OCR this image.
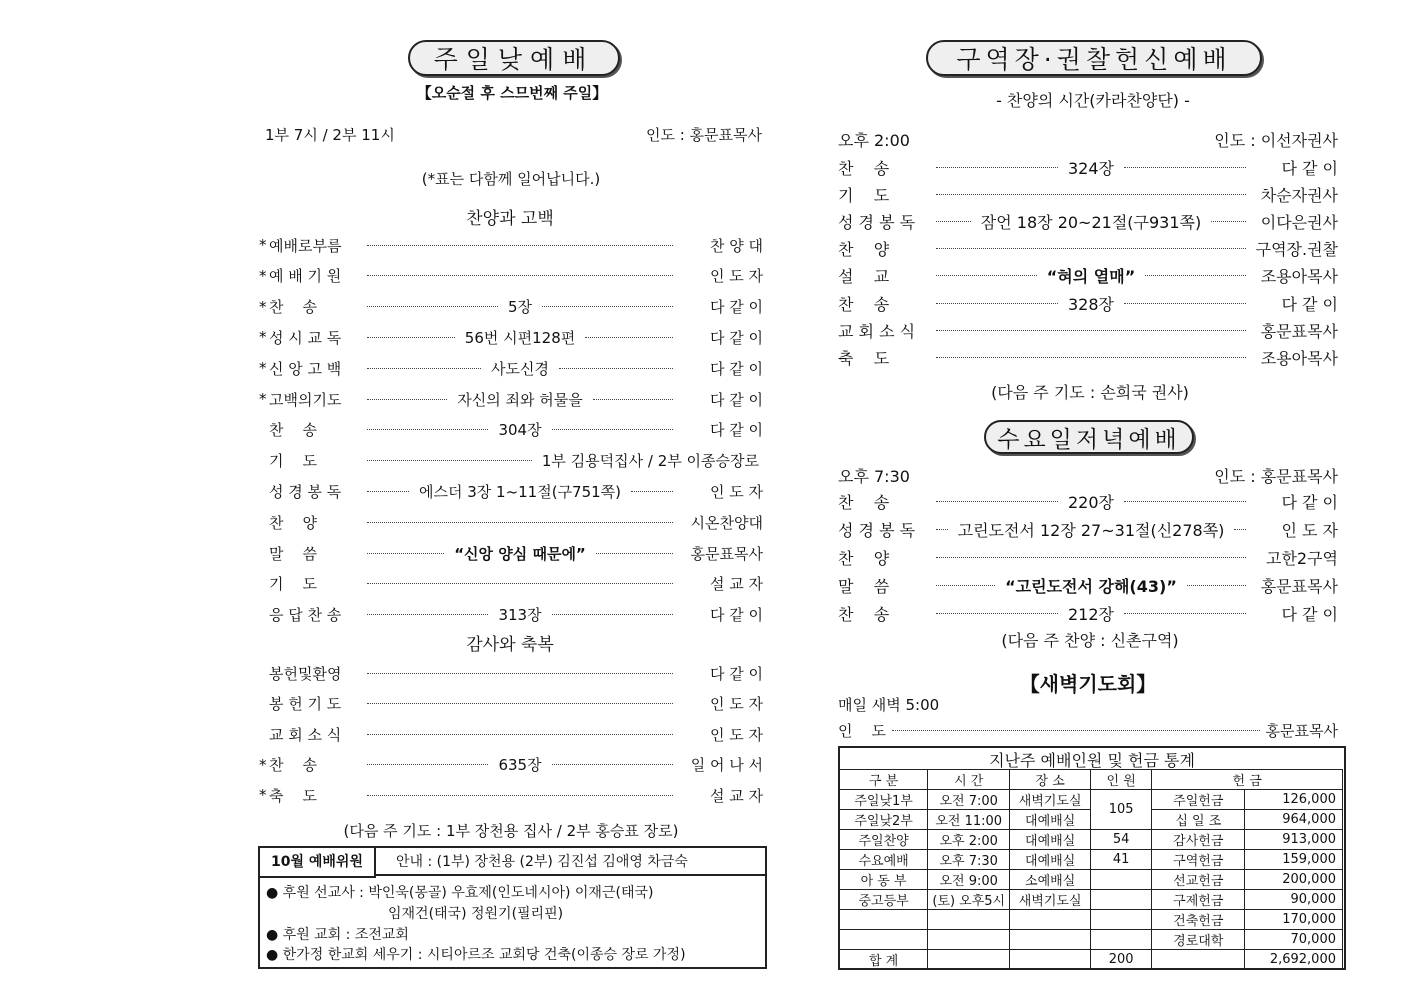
주일낮예배
【오순절 후 스므번째 주일】
1부 7시 / 2부 11시	인도 : 홍문표목사
(*표는 다함께 일어납니다.)
찬양과 고백
* 예배로부름	찬 양 대
* 예 배 기 원	인 도 자
* 찬    송	5장	다 같 이
* 성 시 교 독	56번 시편128편	다 같 이
* 신 앙 고 백	사도신경	다 같 이
* 고백의기도	자신의 죄와 허물을	다 같 이
찬    송	304장	다 같 이
기    도	1부 김용덕집사 / 2부 이종승장로
성 경 봉 독	에스더 3장 1~11절(구751쪽)	인 도 자
찬    양	시온찬양대
말    씀	“신앙 양심 때문에”	홍문표목사
기    도	설 교 자
응 답 찬 송	313장	다 같 이
감사와 축복
봉헌및환영	다 같 이
봉 헌 기 도	인 도 자
교 회 소 식	인 도 자
* 찬    송	635장	일 어 나 서
* 축    도	설 교 자
(다음 주 기도 : 1부 장천용 집사 / 2부 홍승표 장로)
10월 예배위원	안내 : (1부) 장천용 (2부) 김진섭 김애영 차금숙
● 후원 선교사 : 박인욱(몽골) 우효제(인도네시아) 이재근(태국)
임재건(태국) 정원기(필리핀)
● 후원 교회 : 조전교회
● 한가정 한교회 세우기 : 시티아르조 교회당 건축(이종승 장로 가정)
구역장·권찰헌신예배
- 찬양의 시간(카라찬양단) -
오후 2:00	인도 : 이선자권사
찬    송	324장	다 같 이
기    도	차순자권사
성 경 봉 독	잠언 18장 20~21절(구931쪽)	이다은권사
찬    양	구역장.권찰
설    교	“혀의 열매”	조용아목사
찬    송	328장	다 같 이
교 회 소 식	홍문표목사
축    도	조용아목사
(다음 주 기도 : 손희국 권사)
수요일저녁예배
오후 7:30	인도 : 홍문표목사
찬    송	220장	다 같 이
성 경 봉 독	고린도전서 12장 27~31절(신278쪽)	인 도 자
찬    양	고한2구역
말    씀	“고린도전서 강해(43)”	홍문표목사
찬    송	212장	다 같 이
(다음 주 찬양 : 신촌구역)
【새벽기도회】
매일 새벽 5:00
인    도	홍문표목사
지난주 예배인원 및 헌금 통계
구 분	시 간	장 소	인 원	헌 금	
주일낮1부	오전 7:00	새벽기도실	105	주일헌금	126,000
주일낮2부	오전 11:00	대예배실		십 일 조	964,000
주일찬양	오후 2:00	대예배실	54	감사헌금	913,000
수요예배	오후 7:30	대예배실	41	구역헌금	159,000
아 동 부	오전 9:00	소예배실		선교헌금	200,000
중고등부	(토) 오후5시	새벽기도실		구제헌금	90,000
				건축헌금	170,000
				경로대학	70,000
합 계			200		2,692,000
